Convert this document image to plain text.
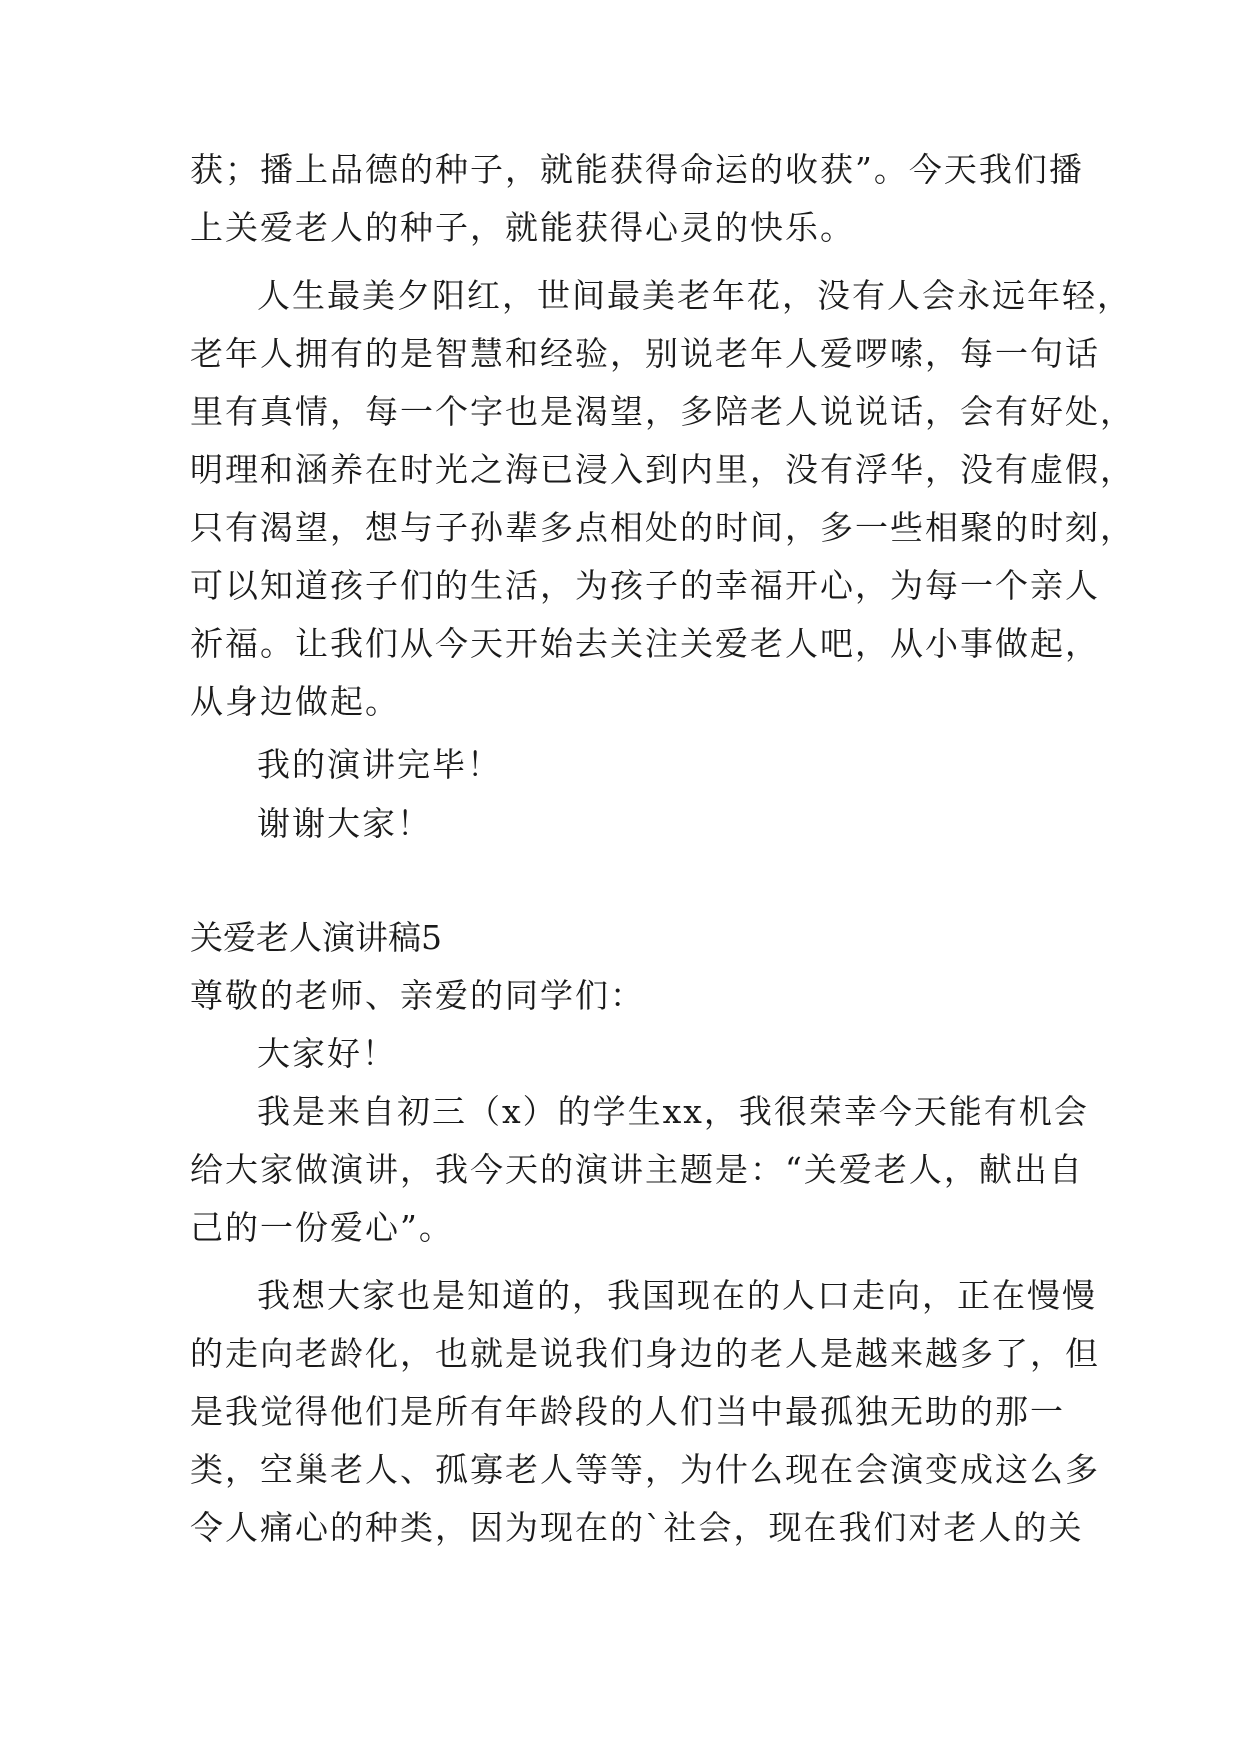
获；播上品德的种子，就能获得命运的收获”。今天我们播
上关爱老人的种子，就能获得心灵的快乐。
人生最美夕阳红，世间最美老年花，没有人会永远年轻，
老年人拥有的是智慧和经验，别说老年人爱啰嗦，每一句话
里有真情，每一个字也是渴望，多陪老人说说话，会有好处，
明理和涵养在时光之海已浸入到内里，没有浮华，没有虚假，
只有渴望，想与子孙辈多点相处的时间，多一些相聚的时刻，
可以知道孩子们的生活，为孩子的幸福开心，为每一个亲人
祈福。让我们从今天开始去关注关爱老人吧，从小事做起，
从身边做起。
我的演讲完毕！
谢谢大家！
关爱老人演讲稿5
尊敬的老师、亲爱的同学们：
大家好！
我是来自初三（x）的学生xx，我很荣幸今天能有机会
给大家做演讲，我今天的演讲主题是：“关爱老人，献出自
己的一份爱心”。
我想大家也是知道的，我国现在的人口走向，正在慢慢
的走向老龄化，也就是说我们身边的老人是越来越多了，但
是我觉得他们是所有年龄段的人们当中最孤独无助的那一
类，空巢老人、孤寡老人等等，为什么现在会演变成这么多
令人痛心的种类，因为现在的`社会，现在我们对老人的关
